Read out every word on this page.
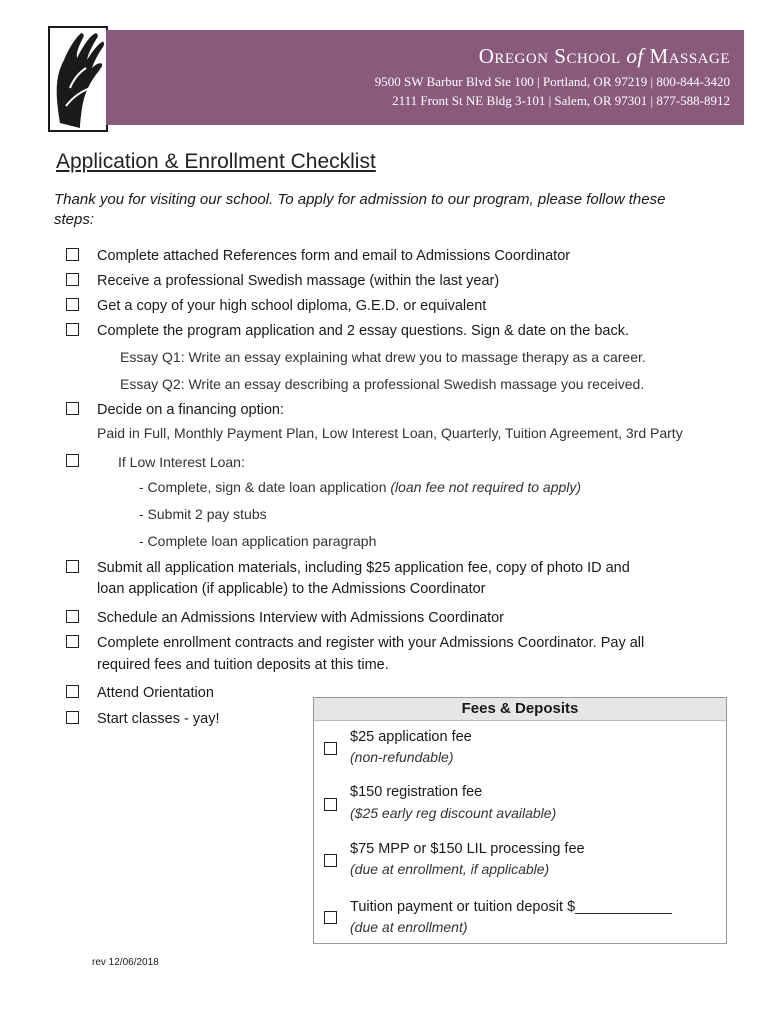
Oregon School of Massage
9500 SW Barbur Blvd Ste 100 | Portland, OR 97219 | 800-844-3420
2111 Front St NE Bldg 3-101 | Salem, OR 97301 | 877-588-8912
Application & Enrollment Checklist
Thank you for visiting our school. To apply for admission to our program, please follow these steps:
Complete attached References form and email to Admissions Coordinator
Receive a professional Swedish massage (within the last year)
Get a copy of your high school diploma, G.E.D. or equivalent
Complete the program application and 2 essay questions. Sign & date on the back.
Essay Q1: Write an essay explaining what drew you to massage therapy as a career.
Essay Q2: Write an essay describing a professional Swedish massage you received.
Decide on a financing option:
Paid in Full, Monthly Payment Plan, Low Interest Loan, Quarterly, Tuition Agreement, 3rd Party
If Low Interest Loan:
- Complete, sign & date loan application (loan fee not required to apply)
- Submit 2 pay stubs
- Complete loan application paragraph
Submit all application materials, including $25 application fee, copy of photo ID and
loan application (if applicable) to the Admissions Coordinator
Schedule an Admissions Interview with Admissions Coordinator
Complete enrollment contracts and register with your Admissions Coordinator. Pay all
required fees and tuition deposits at this time.
Attend Orientation
Start classes - yay!
Fees & Deposits
$25 application fee
(non-refundable)
$150 registration fee
($25 early reg discount available)
$75 MPP or $150 LIL processing fee
(due at enrollment, if applicable)
Tuition payment or tuition deposit $____________
(due at enrollment)
rev 12/06/2018
